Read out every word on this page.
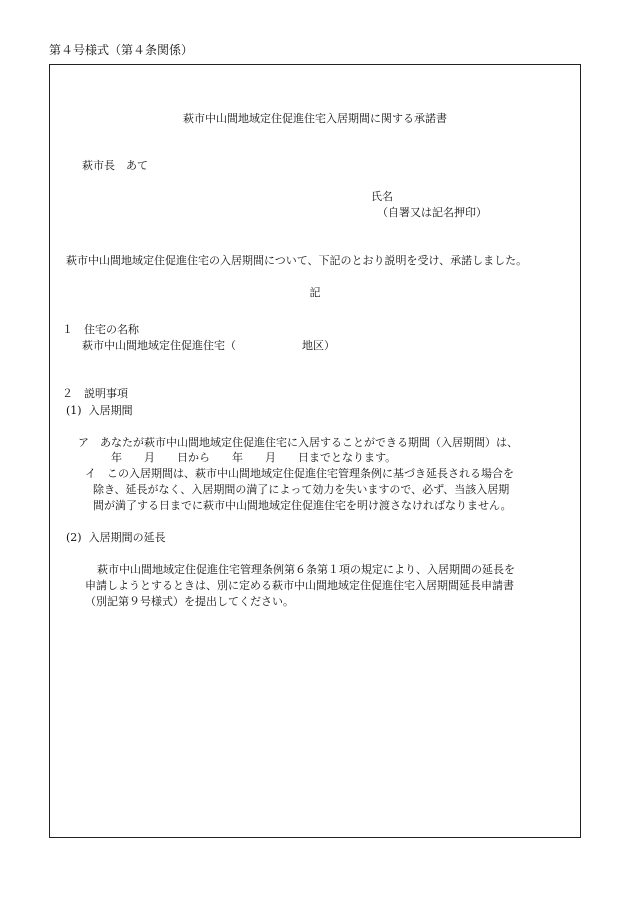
第４号様式（第４条関係）
萩市中山間地域定住促進住宅入居期間に関する承諾書
萩市長　あて
氏名
（自署又は記名押印）
萩市中山間地域定住促進住宅の入居期間について、下記のとおり説明を受け、承諾しました。
記
１　住宅の名称
萩市中山間地域定住促進住宅（　　　　　　地区）
２　説明事項
(1)  入居期間
ア　あなたが萩市中山間地域定住促進住宅に入居することができる期間（入居期間）は、
　　　年　　月　　日から　　年　　月　　日までとなります。
イ　この入居期間は、萩市中山間地域定住促進住宅管理条例に基づき延長される場合を
除き、延長がなく、入居期間の満了によって効力を失いますので、必ず、当該入居期
間が満了する日までに萩市中山間地域定住促進住宅を明け渡さなければなりません。
(2)  入居期間の延長
萩市中山間地域定住促進住宅管理条例第６条第１項の規定により、入居期間の延長を
申請しようとするときは、別に定める萩市中山間地域定住促進住宅入居期間延長申請書
（別記第９号様式）を提出してください。
